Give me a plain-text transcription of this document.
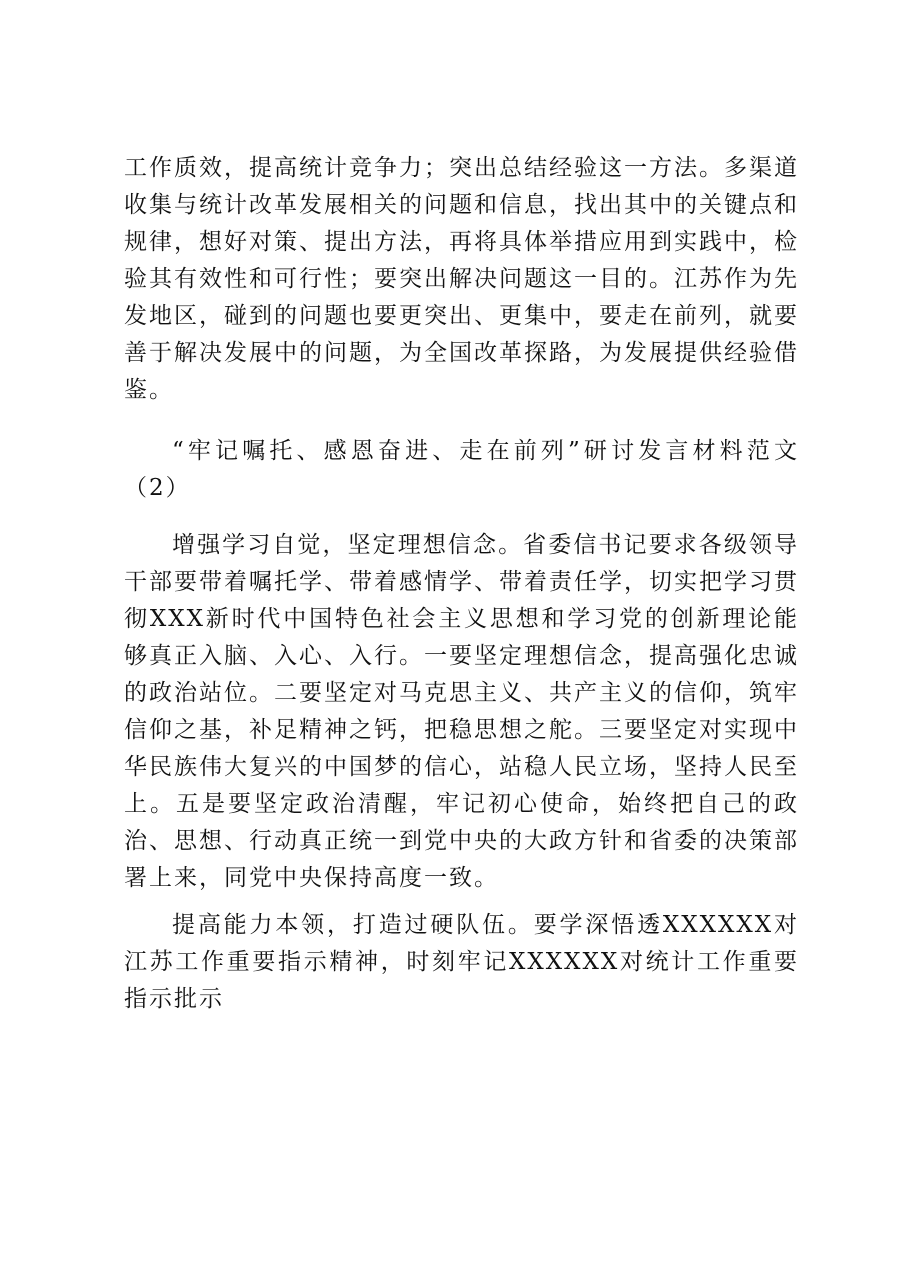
工作质效，提高统计竞争力；突出总结经验这一方法。多渠道收集与统计改革发展相关的问题和信息，找出其中的关键点和规律，想好对策、提出方法，再将具体举措应用到实践中，检验其有效性和可行性；要突出解决问题这一目的。江苏作为先发地区，碰到的问题也要更突出、更集中，要走在前列，就要善于解决发展中的问题，为全国改革探路，为发展提供经验借鉴。

“牢记嘱托、感恩奋进、走在前列”研讨发言材料范文（2）

增强学习自觉，坚定理想信念。省委信书记要求各级领导干部要带着嘱托学、带着感情学、带着责任学，切实把学习贯彻XXX新时代中国特色社会主义思想和学习党的创新理论能够真正入脑、入心、入行。一要坚定理想信念，提高强化忠诚的政治站位。二要坚定对马克思主义、共产主义的信仰，筑牢信仰之基，补足精神之钙，把稳思想之舵。三要坚定对实现中华民族伟大复兴的中国梦的信心，站稳人民立场，坚持人民至上。五是要坚定政治清醒，牢记初心使命，始终把自己的政治、思想、行动真正统一到党中央的大政方针和省委的决策部署上来，同党中央保持高度一致。

提高能力本领，打造过硬队伍。要学深悟透XXXXXX对江苏工作重要指示精神，时刻牢记XXXXXX对统计工作重要指示批示
